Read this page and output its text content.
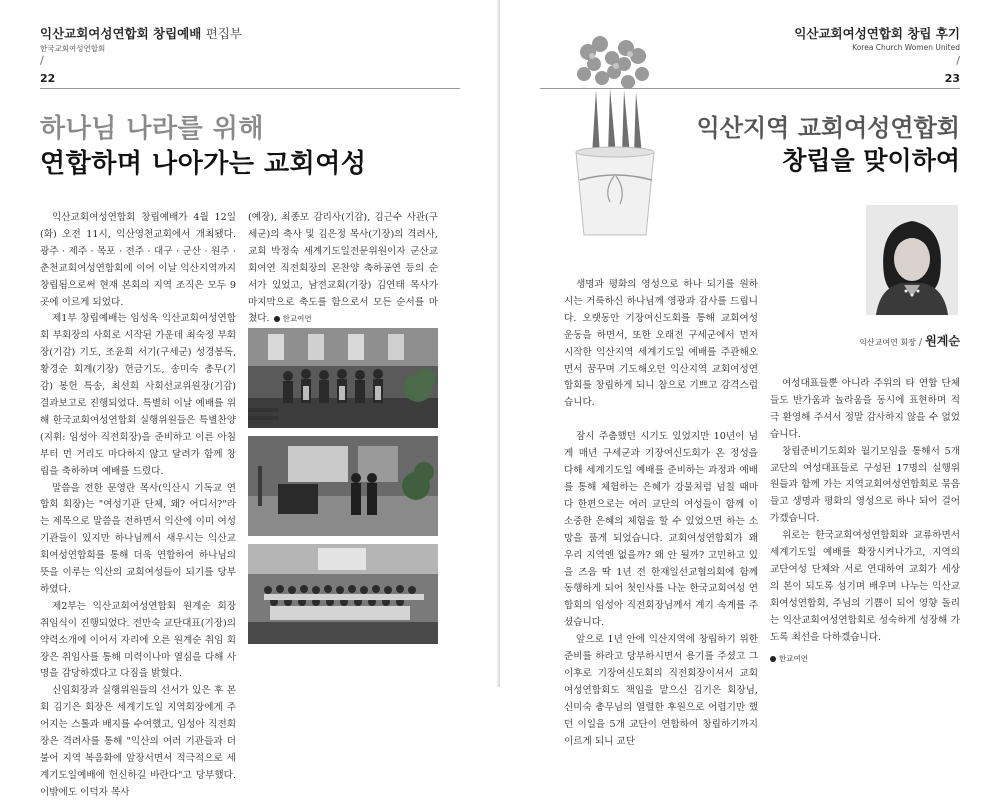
익산교회여성연합회 창립예배 편집부
한국교회여성연합회
/
22
하나님 나라를 위해
연합하며 나아가는 교회여성

익산교회여성연합회 창립예배가 4월 12일(화) 오전 11시, 익산영천교회에서 개최됐다. 광주 · 제주 · 목포 · 전주 · 대구 · 군산 · 원주 · 춘천교회여성연합회에 이어 이날 익산지역까지 창립됨으로써 현재 본회의 지역 조직은 모두 9곳에 이르게 되었다.

제1부 창립예배는 임성옥 익산교회여성연합회 부회장의 사회로 시작된 가운데 최숙정 부회장(기감) 기도, 조윤희 서기(구세군) 성경봉독, 황경순 회계(기장) 헌금기도, 송미숙 총무(기감) 봉헌 특송, 최선희 사회선교위원장(기감) 결과보고로 진행되었다. 특별히 이날 예배를 위해 한국교회여성연합회 실행위원들은 특별찬양(지휘: 임성아 직전회장)을 준비하고 이른 아침부터 먼 거리도 마다하지 않고 달려가 함께 창립을 축하하며 예배를 드렸다.

말씀을 전한 문영란 목사(익산시 기독교 연합회 회장)는 "여성기관 단체, 왜? 어디서?"라는 제목으로 말씀을 전하면서 익산에 이미 여성기관들이 있지만 하나님께서 새우시는 익산교회여성연합회를 통해 더욱 연합하여 하나님의 뜻을 이루는 익산의 교회여성들이 되기를 당부하였다.

제2부는 익산교회여성연합회 원계순 회장 취임식이 진행되었다. 전만숙 교단대표(기장)의 약력소개에 이어서 자리에 오른 원계순 취임 회장은 취임사를 통해 미력이나마 열심을 다해 사명을 감당하겠다고 다짐을 밝혔다.

신임회장과 실행위원들의 선서가 있은 후 본회 김기은 회장은 세계기도일 지역회장에게 주어지는 스톨과 배지를 수여했고, 임성아 직전회장은 격려사를 통해 "익산의 여러 기관들과 더불어 지역 복음화에 앞장서면서 적극적으로 세계기도일예배에 헌신하길 바란다"고 당부했다. 이밖에도 이덕자 목사

(예장), 최종모 감리사(기감), 김근수 사관(구세군)의 축사 및 김은정 목사(기장)의 격려사, 교회 박정숙 세계기도일전문위원이자 군산교회여연 직전회장의 몬찬양 축하공연 등의 순서가 있었고, 남전교회(기장) 김연태 목사가 마지막으로 축도를 함으로서 모든 순서를 마쳤다. 한교여연

익산교회여성연합회 창립 후기
Korea Church Women United
/
23
익산지역 교회여성연합회
창립을 맞이하여
익산교여연 회장 / 원계순

생명과 평화의 영성으로 하나 되기를 원하시는 거룩하신 하나님께 영광과 감사를 드립니다. 오랫동안 기장여신도회를 통해 교회여성 운동을 하면서, 또한 오래전 구세군에서 먼저 시작한 익산지역 세계기도일 예배를 주관해오면서 꿈꾸며 기도해오던 익산지역 교회여성연합회를 창립하게 되니 참으로 기쁘고 감격스럽습니다.

잠시 주춤했던 시기도 있었지만 10년이 넘게 매년 구세군과 기장여신도회가 온 정성을 다해 세계기도일 예배를 준비하는 과정과 예배를 통해 체험하는 은혜가 강물처럼 넘칠 때마다 한편으로는 여러 교단의 여성들이 함께 이 소중한 은혜의 체험을 할 수 있었으면 하는 소망을 품게 되었습니다. 교회여성연합회가 왜 우리 지역엔 없을까? 왜 안 될까? 고민하고 있을 즈음 딱 1년 전 한재일선교협의회에 함께 동행하게 되어 첫인사를 나눈 한국교회여성 연합회의 임성아 직전회장님께서 계기 속계를 주셨습니다.

앞으로 1년 안에 익산지역에 창립하기 위한 준비를 하라고 당부하시면서 용기를 주셨고 그 이후로 기장여신도회의 직전회장이셔서 교회여성연합회도 책임을 맡으신 김기은 회장님, 신미숙 총무님의 열렬한 후원으로 어렵기만 했던 이일을 5개 교단이 연합하여 창립하기까지 이르게 되니 교단

여성대표들뿐 아니라 주위의 타 연합 단체들도 반가움과 놀라움을 동시에 표현하며 적극 환영해 주셔서 정말 감사하지 않을 수 없었습니다.

창립준비기도회와 월기모임을 통해서 5개 교단의 여성대표들로 구성된 17명의 실행위원들과 함께 가는 지역교회여성연합회로 묶음 들고 생명과 평화의 영성으로 하나 되어 걸어가겠습니다.

위로는 한국교회여성연합회와 교류하면서 세계기도일 예배를 확장시켜나가고, 지역의 교단여성 단체와 서로 연대하여 교회가 세상의 본이 되도록 섬기며 배우며 나누는 익산교회여성연합회, 주님의 기쁨이 되어 영향 돌리는 익산교회여성연합회로 성숙하게 성장해 가도록 최선을 다하겠습니다.

한교여연
